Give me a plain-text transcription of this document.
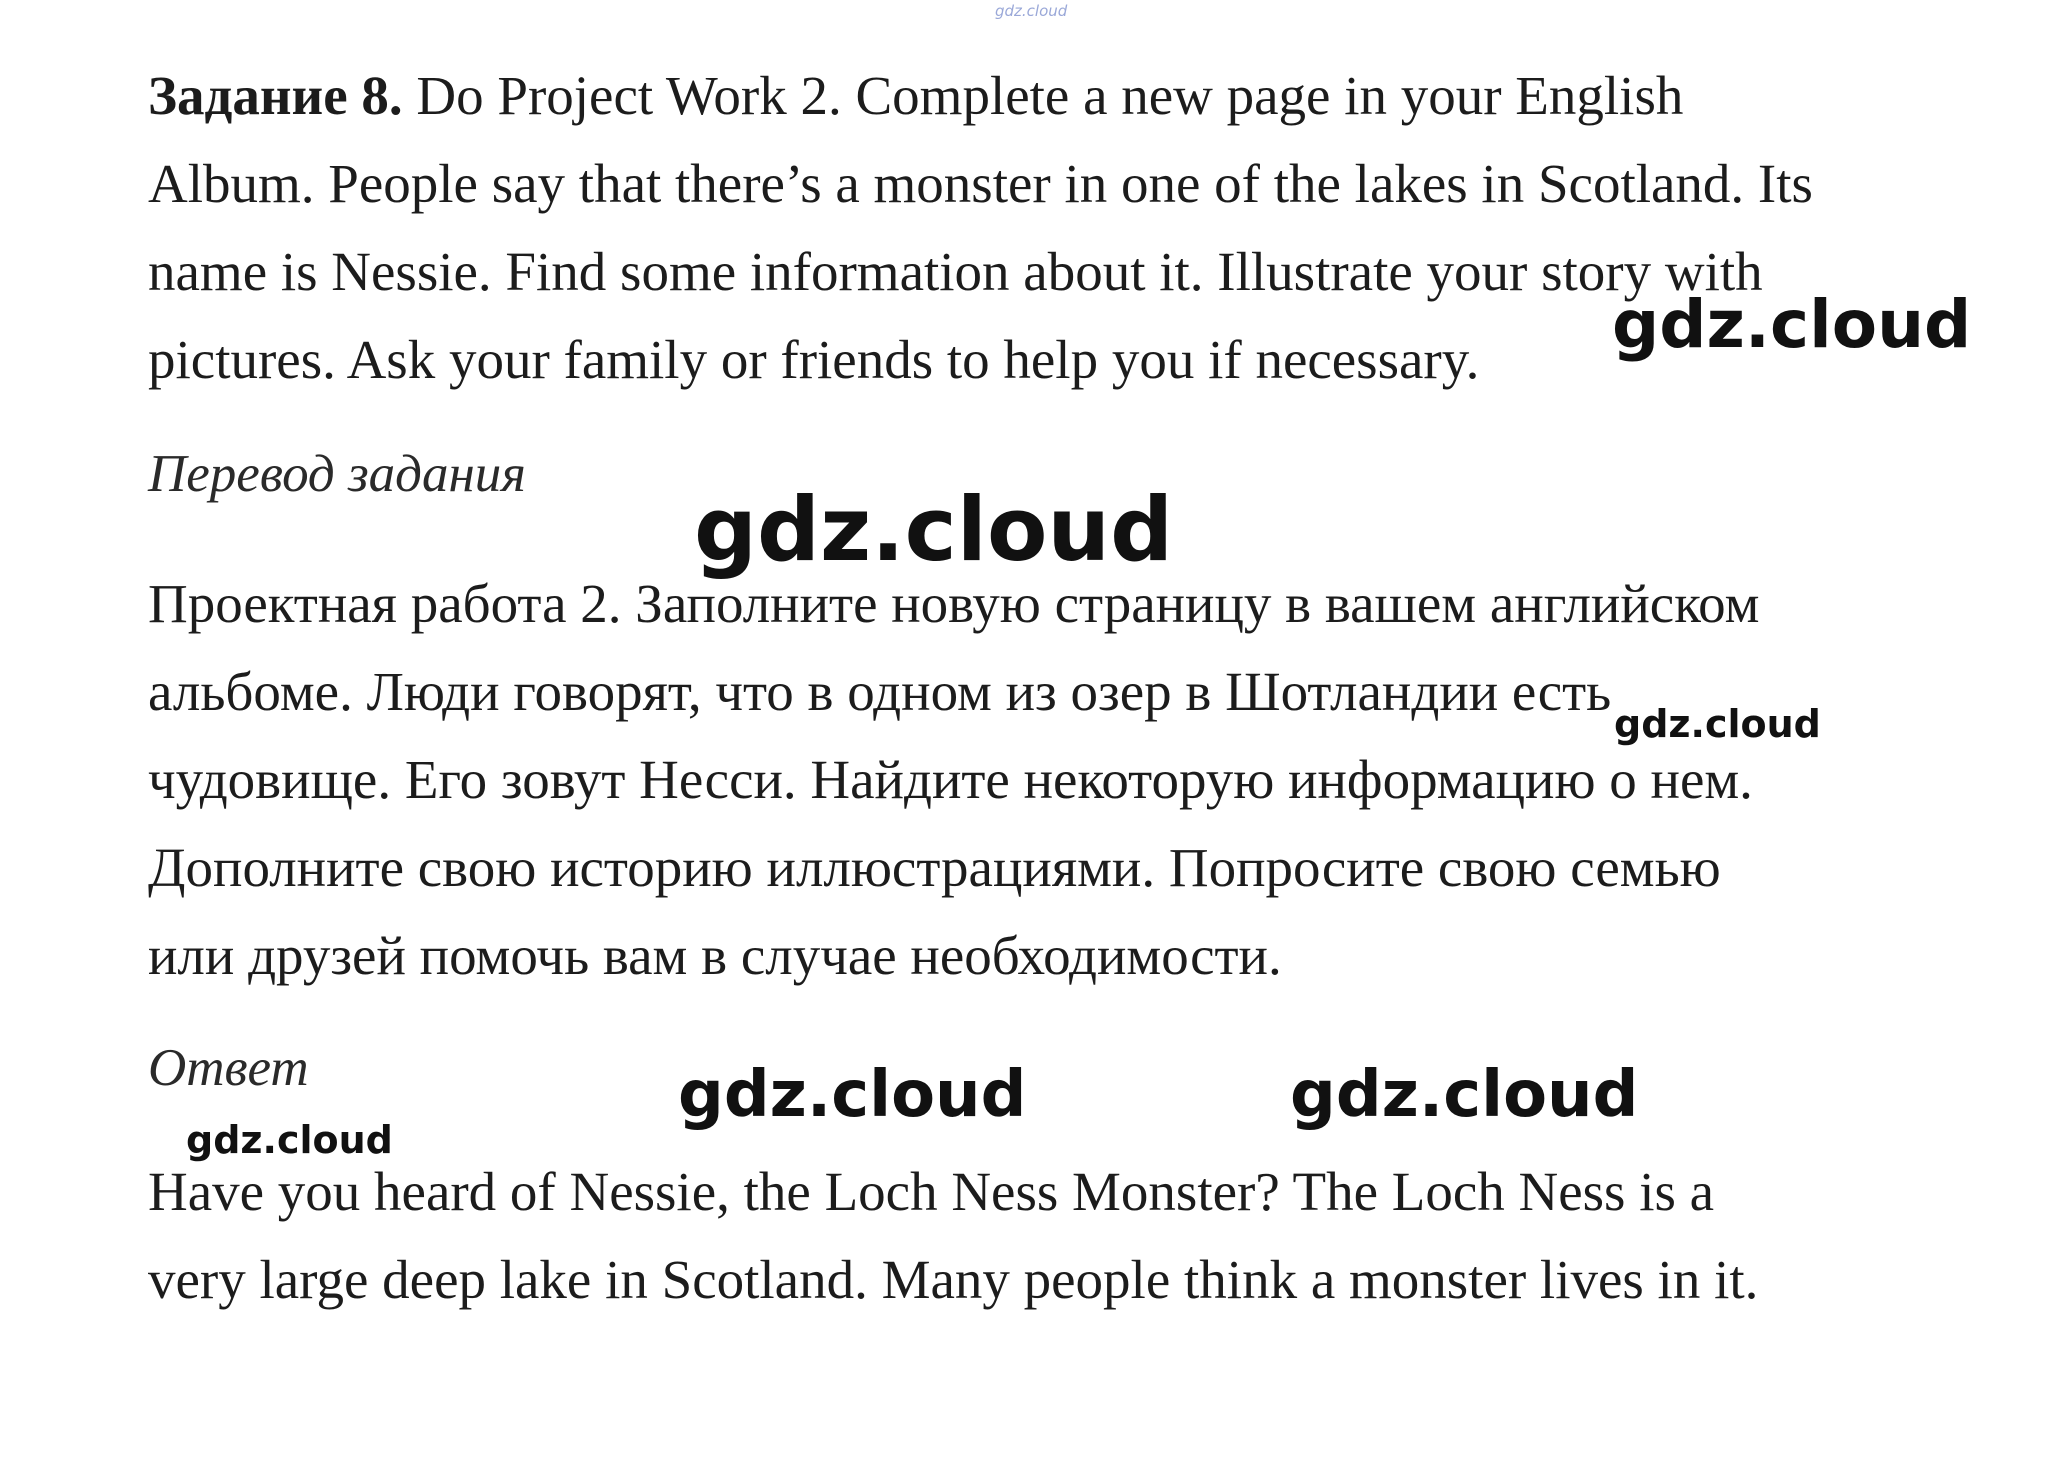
gdz.cloud
Задание 8. Do Project Work 2. Complete a new page in your English
Album. People say that there’s a monster in one of the lakes in Scotland. Its
name is Nessie. Find some information about it. Illustrate your story with
pictures. Ask your family or friends to help you if necessary.
Перевод задания
Проектная работа 2. Заполните новую страницу в вашем английском
альбоме. Люди говорят, что в одном из озер в Шотландии есть
чудовище. Его зовут Несси. Найдите некоторую информацию о нем.
Дополните свою историю иллюстрациями. Попросите свою семью
или друзей помочь вам в случае необходимости.
Ответ
Have you heard of Nessie, the Loch Ness Monster? The Loch Ness is a
very large deep lake in Scotland. Many people think a monster lives in it.
gdz.cloud
gdz.cloud
gdz.cloud
gdz.cloud	gdz.cloud
gdz.cloud
